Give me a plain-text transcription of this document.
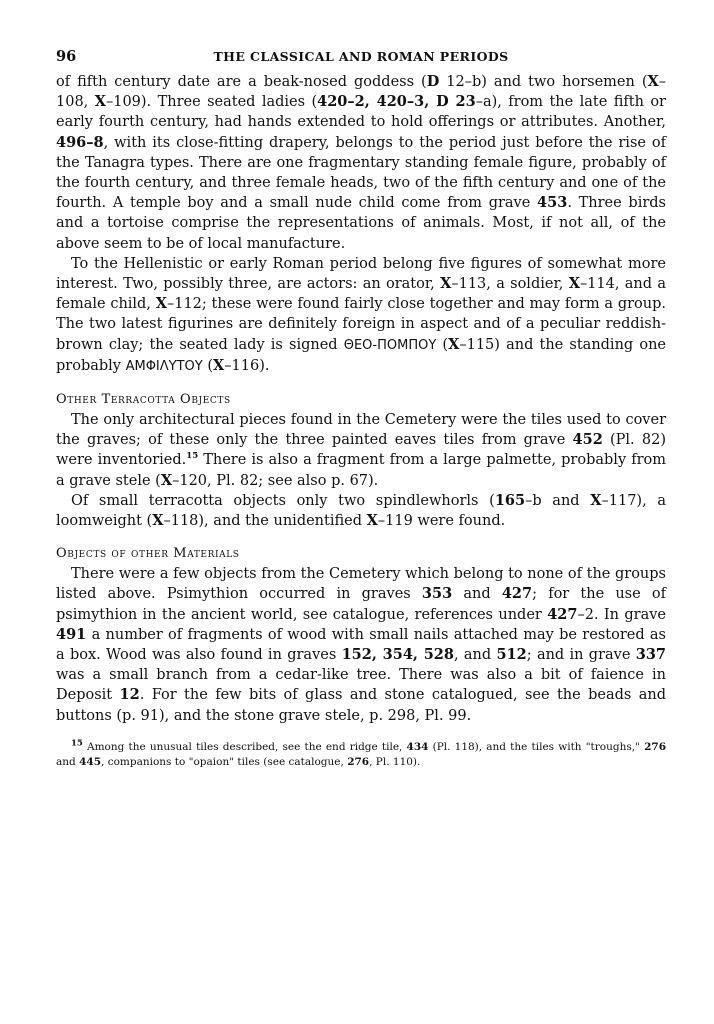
96	THE CLASSICAL AND ROMAN PERIODS

of fifth century date are a beak-nosed goddess (D 12–b) and two horsemen (X–108, X–109). Three seated ladies (420–2, 420–3, D 23–a), from the late fifth or early fourth century, had hands extended to hold offerings or attributes. Another, 496–8, with its close-fitting drapery, belongs to the period just before the rise of the Tanagra types. There are one fragmentary standing female figure, probably of the fourth century, and three female heads, two of the fifth century and one of the fourth. A temple boy and a small nude child come from grave 453. Three birds and a tortoise comprise the representations of animals. Most, if not all, of the above seem to be of local manufacture.

To the Hellenistic or early Roman period belong five figures of somewhat more interest. Two, possibly three, are actors: an orator, X–113, a soldier, X–114, and a female child, X–112; these were found fairly close together and may form a group. The two latest figurines are definitely foreign in aspect and of a peculiar reddish-brown clay; the seated lady is signed ΘΕΟ-ΠΟΜΠΟΥ (X–115) and the standing one probably ΑΜΦΙΛΥΤΟΥ (X–116).

Other Terracotta Objects

The only architectural pieces found in the Cemetery were the tiles used to cover the graves; of these only the three painted eaves tiles from grave 452 (Pl. 82) were inventoried.$^{15}$ There is also a fragment from a large palmette, probably from a grave stele (X–120, Pl. 82; see also p. 67).

Of small terracotta objects only two spindlewhorls (165–b and X–117), a loomweight (X–118), and the unidentified X–119 were found.

Objects of other Materials

There were a few objects from the Cemetery which belong to none of the groups listed above. Psimythion occurred in graves 353 and 427; for the use of psimythion in the ancient world, see catalogue, references under 427–2. In grave 491 a number of fragments of wood with small nails attached may be restored as a box. Wood was also found in graves 152, 354, 528, and 512; and in grave 337 was a small branch from a cedar-like tree. There was also a bit of faience in Deposit 12. For the few bits of glass and stone catalogued, see the beads and buttons (p. 91), and the stone grave stele, p. 298, Pl. 99.

$^{15}$ Among the unusual tiles described, see the end ridge tile, 434 (Pl. 118), and the tiles with "troughs," 276 and 445, companions to "opaion" tiles (see catalogue, 276, Pl. 110).
